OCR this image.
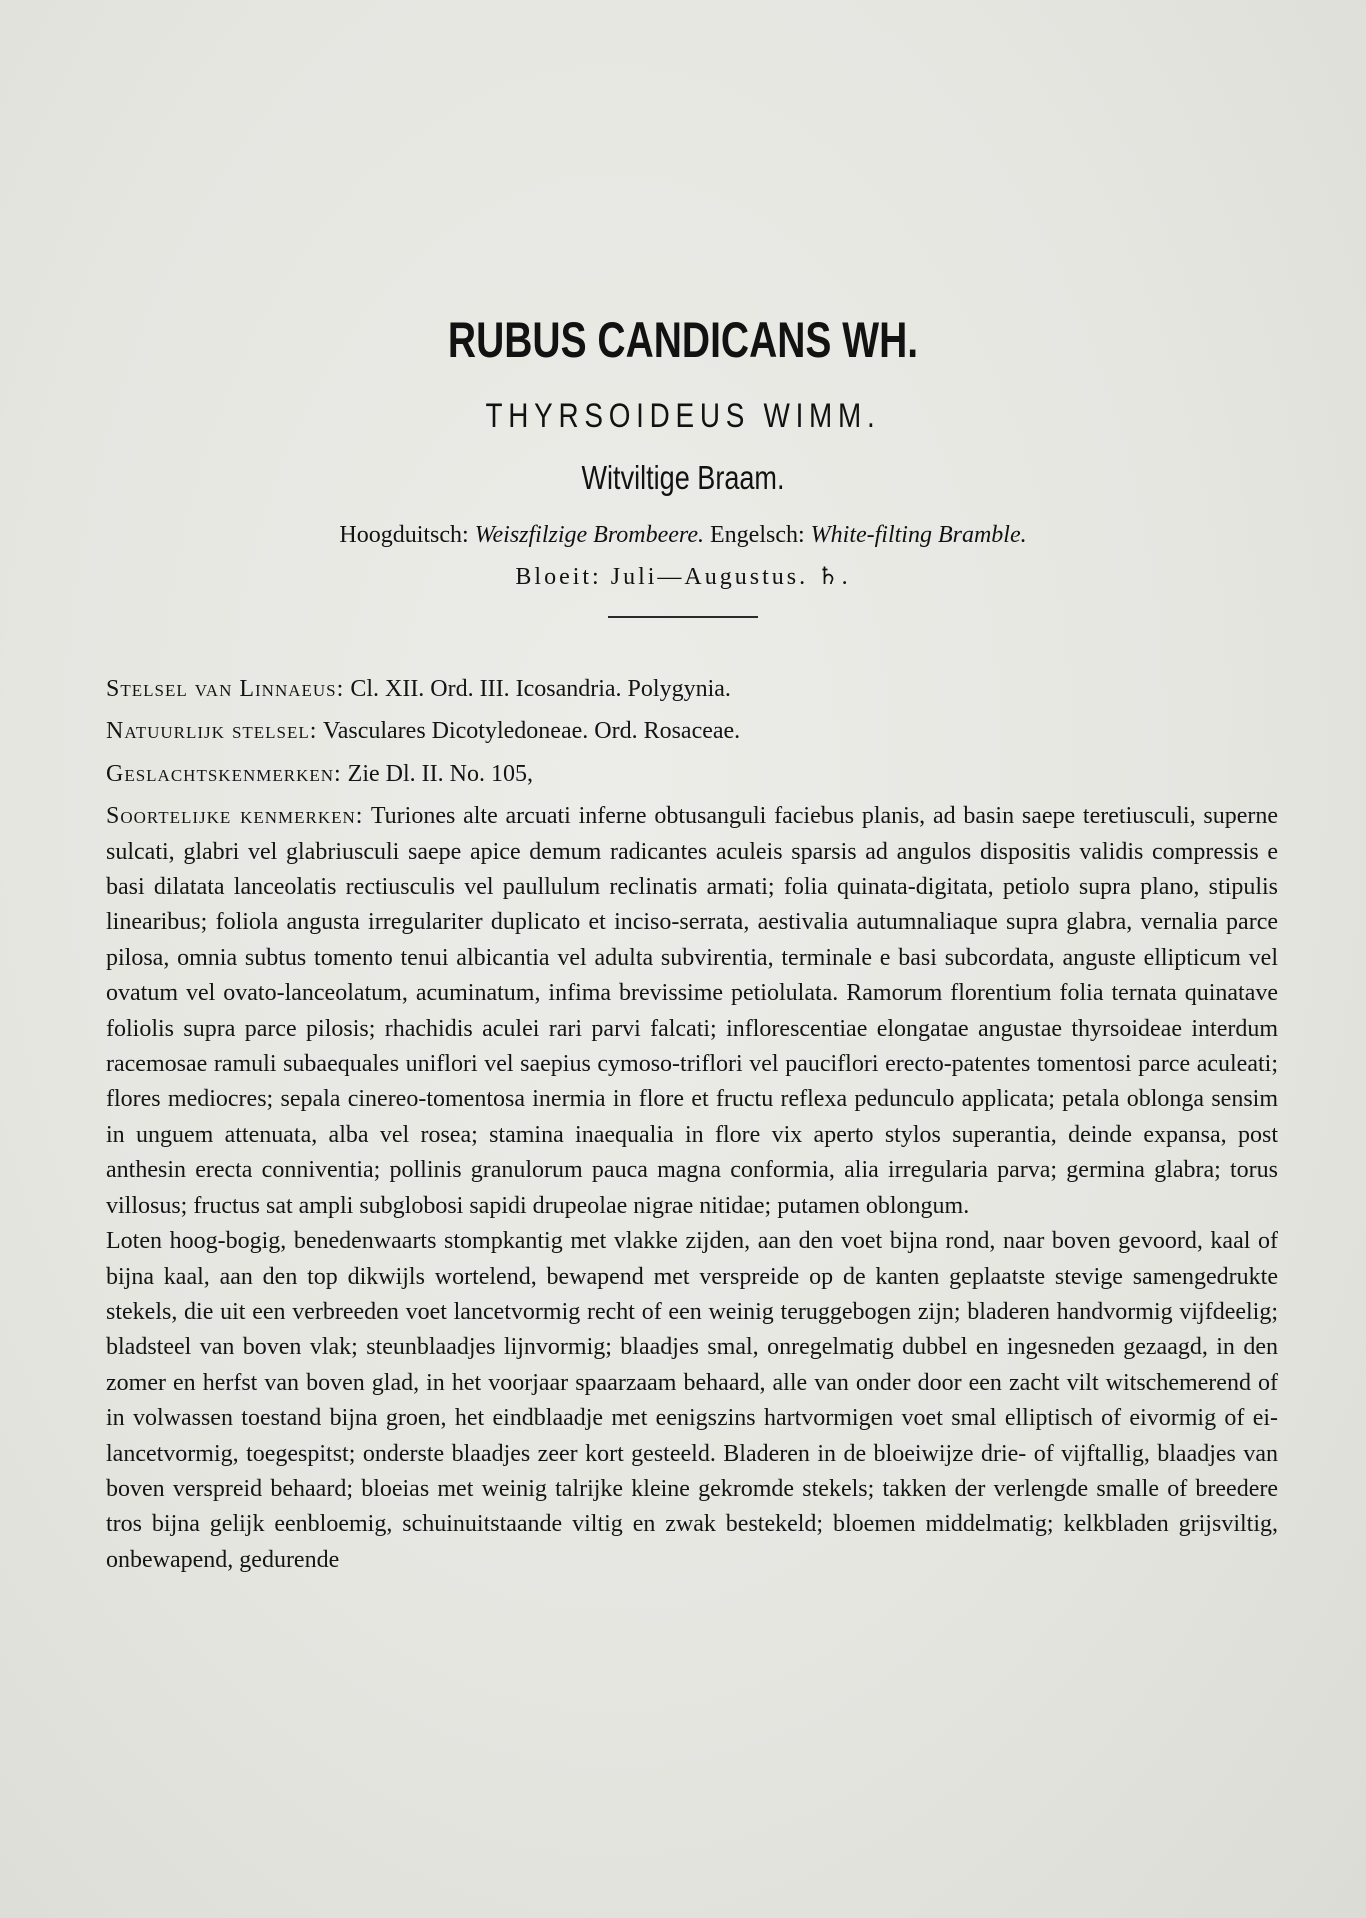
RUBUS CANDICANS WH.
THYRSOIDEUS WIMM.
Witviltige Braam.
Hoogduitsch: Weiszfilzige Brombeere. Engelsch: White-filting Bramble.
Bloeit: Juli—Augustus. ♄.

Stelsel van Linnaeus: Cl. XII. Ord. III. Icosandria. Polygynia.

Natuurlijk stelsel: Vasculares Dicotyledoneae. Ord. Rosaceae.

Geslachtskenmerken: Zie Dl. II. No. 105,

Soortelijke kenmerken: Turiones alte arcuati inferne obtusanguli faciebus planis, ad basin saepe teretiusculi, superne sulcati, glabri vel glabriusculi saepe apice demum radicantes aculeis sparsis ad angulos dispositis validis compressis e basi dilatata lanceolatis rectiusculis vel paullulum reclinatis armati; folia quinata-digitata, petiolo supra plano, stipulis linearibus; foliola angusta irregulariter duplicato et inciso-serrata, aestivalia autumnaliaque supra glabra, vernalia parce pilosa, omnia subtus tomento tenui albicantia vel adulta subvirentia, terminale e basi subcordata, anguste ellipticum vel ovatum vel ovato-lanceolatum, acuminatum, infima brevissime petiolulata. Ramorum florentium folia ternata quinatave foliolis supra parce pilosis; rhachidis aculei rari parvi falcati; inflorescentiae elongatae angustae thyrsoideae interdum racemosae ramuli subaequales uniflori vel saepius cymoso-triflori vel pauciflori erecto-patentes tomentosi parce aculeati; flores mediocres; sepala cinereo-tomentosa inermia in flore et fructu reflexa pedunculo applicata; petala oblonga sensim in unguem attenuata, alba vel rosea; stamina inaequalia in flore vix aperto stylos superantia, deinde expansa, post anthesin erecta conniventia; pollinis granulorum pauca magna conformia, alia irregularia parva; germina glabra; torus villosus; fructus sat ampli subglobosi sapidi drupeolae nigrae nitidae; putamen oblongum.

Loten hoog-bogig, benedenwaarts stompkantig met vlakke zijden, aan den voet bijna rond, naar boven gevoord, kaal of bijna kaal, aan den top dikwijls wortelend, bewapend met verspreide op de kanten geplaatste stevige samengedrukte stekels, die uit een verbreeden voet lancetvormig recht of een weinig teruggebogen zijn; bladeren handvormig vijfdeelig; bladsteel van boven vlak; steunblaadjes lijnvormig; blaadjes smal, onregelmatig dubbel en ingesneden gezaagd, in den zomer en herfst van boven glad, in het voorjaar spaarzaam behaard, alle van onder door een zacht vilt witschemerend of in volwassen toestand bijna groen, het eindblaadje met eenigszins hartvormigen voet smal elliptisch of eivormig of ei-lancetvormig, toegespitst; onderste blaadjes zeer kort gesteeld. Bladeren in de bloeiwijze drie- of vijftallig, blaadjes van boven verspreid behaard; bloeias met weinig talrijke kleine gekromde stekels; takken der verlengde smalle of breedere tros bijna gelijk eenbloemig, schuinuitstaande viltig en zwak bestekeld; bloemen middelmatig; kelkbladen grijsviltig, onbewapend, gedurende
